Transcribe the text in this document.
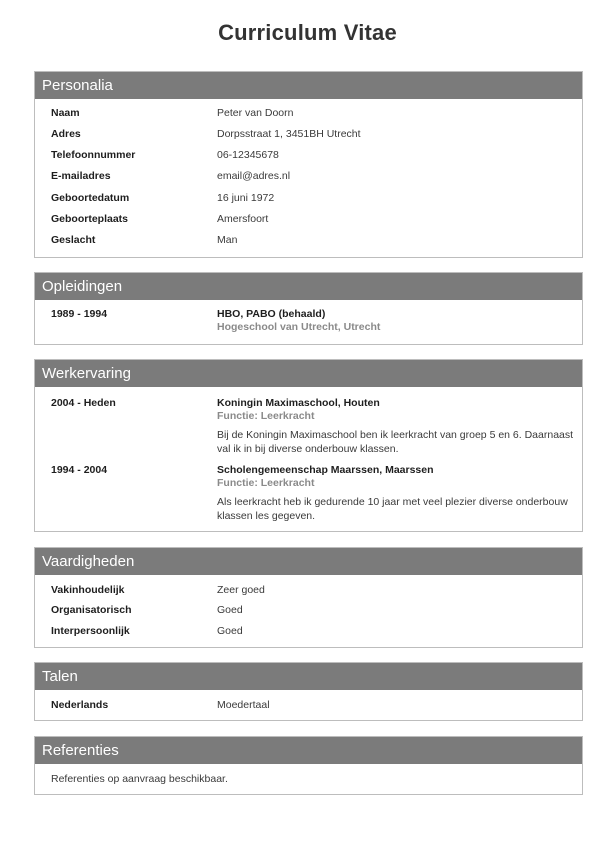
Curriculum Vitae
Personalia
Naam	Peter van Doorn
Adres	Dorpsstraat 1, 3451BH Utrecht
Telefoonnummer	06-12345678
E-mailadres	email@adres.nl
Geboortedatum	16 juni 1972
Geboorteplaats	Amersfoort
Geslacht	Man
Opleidingen
1989 - 1994	HBO, PABO (behaald)
Hogeschool van Utrecht, Utrecht
Werkervaring
2004 - Heden	Koningin Maximaschool, Houten
Functie: Leerkracht
Bij de Koningin Maximaschool ben ik leerkracht van groep 5 en 6. Daarnaast val ik in bij diverse onderbouw klassen.
1994 - 2004	Scholengemeenschap Maarssen, Maarssen
Functie: Leerkracht
Als leerkracht heb ik gedurende 10 jaar met veel plezier diverse onderbouw klassen les gegeven.
Vaardigheden
Vakinhoudelijk	Zeer goed
Organisatorisch	Goed
Interpersoonlijk	Goed
Talen
Nederlands	Moedertaal
Referenties
Referenties op aanvraag beschikbaar.
